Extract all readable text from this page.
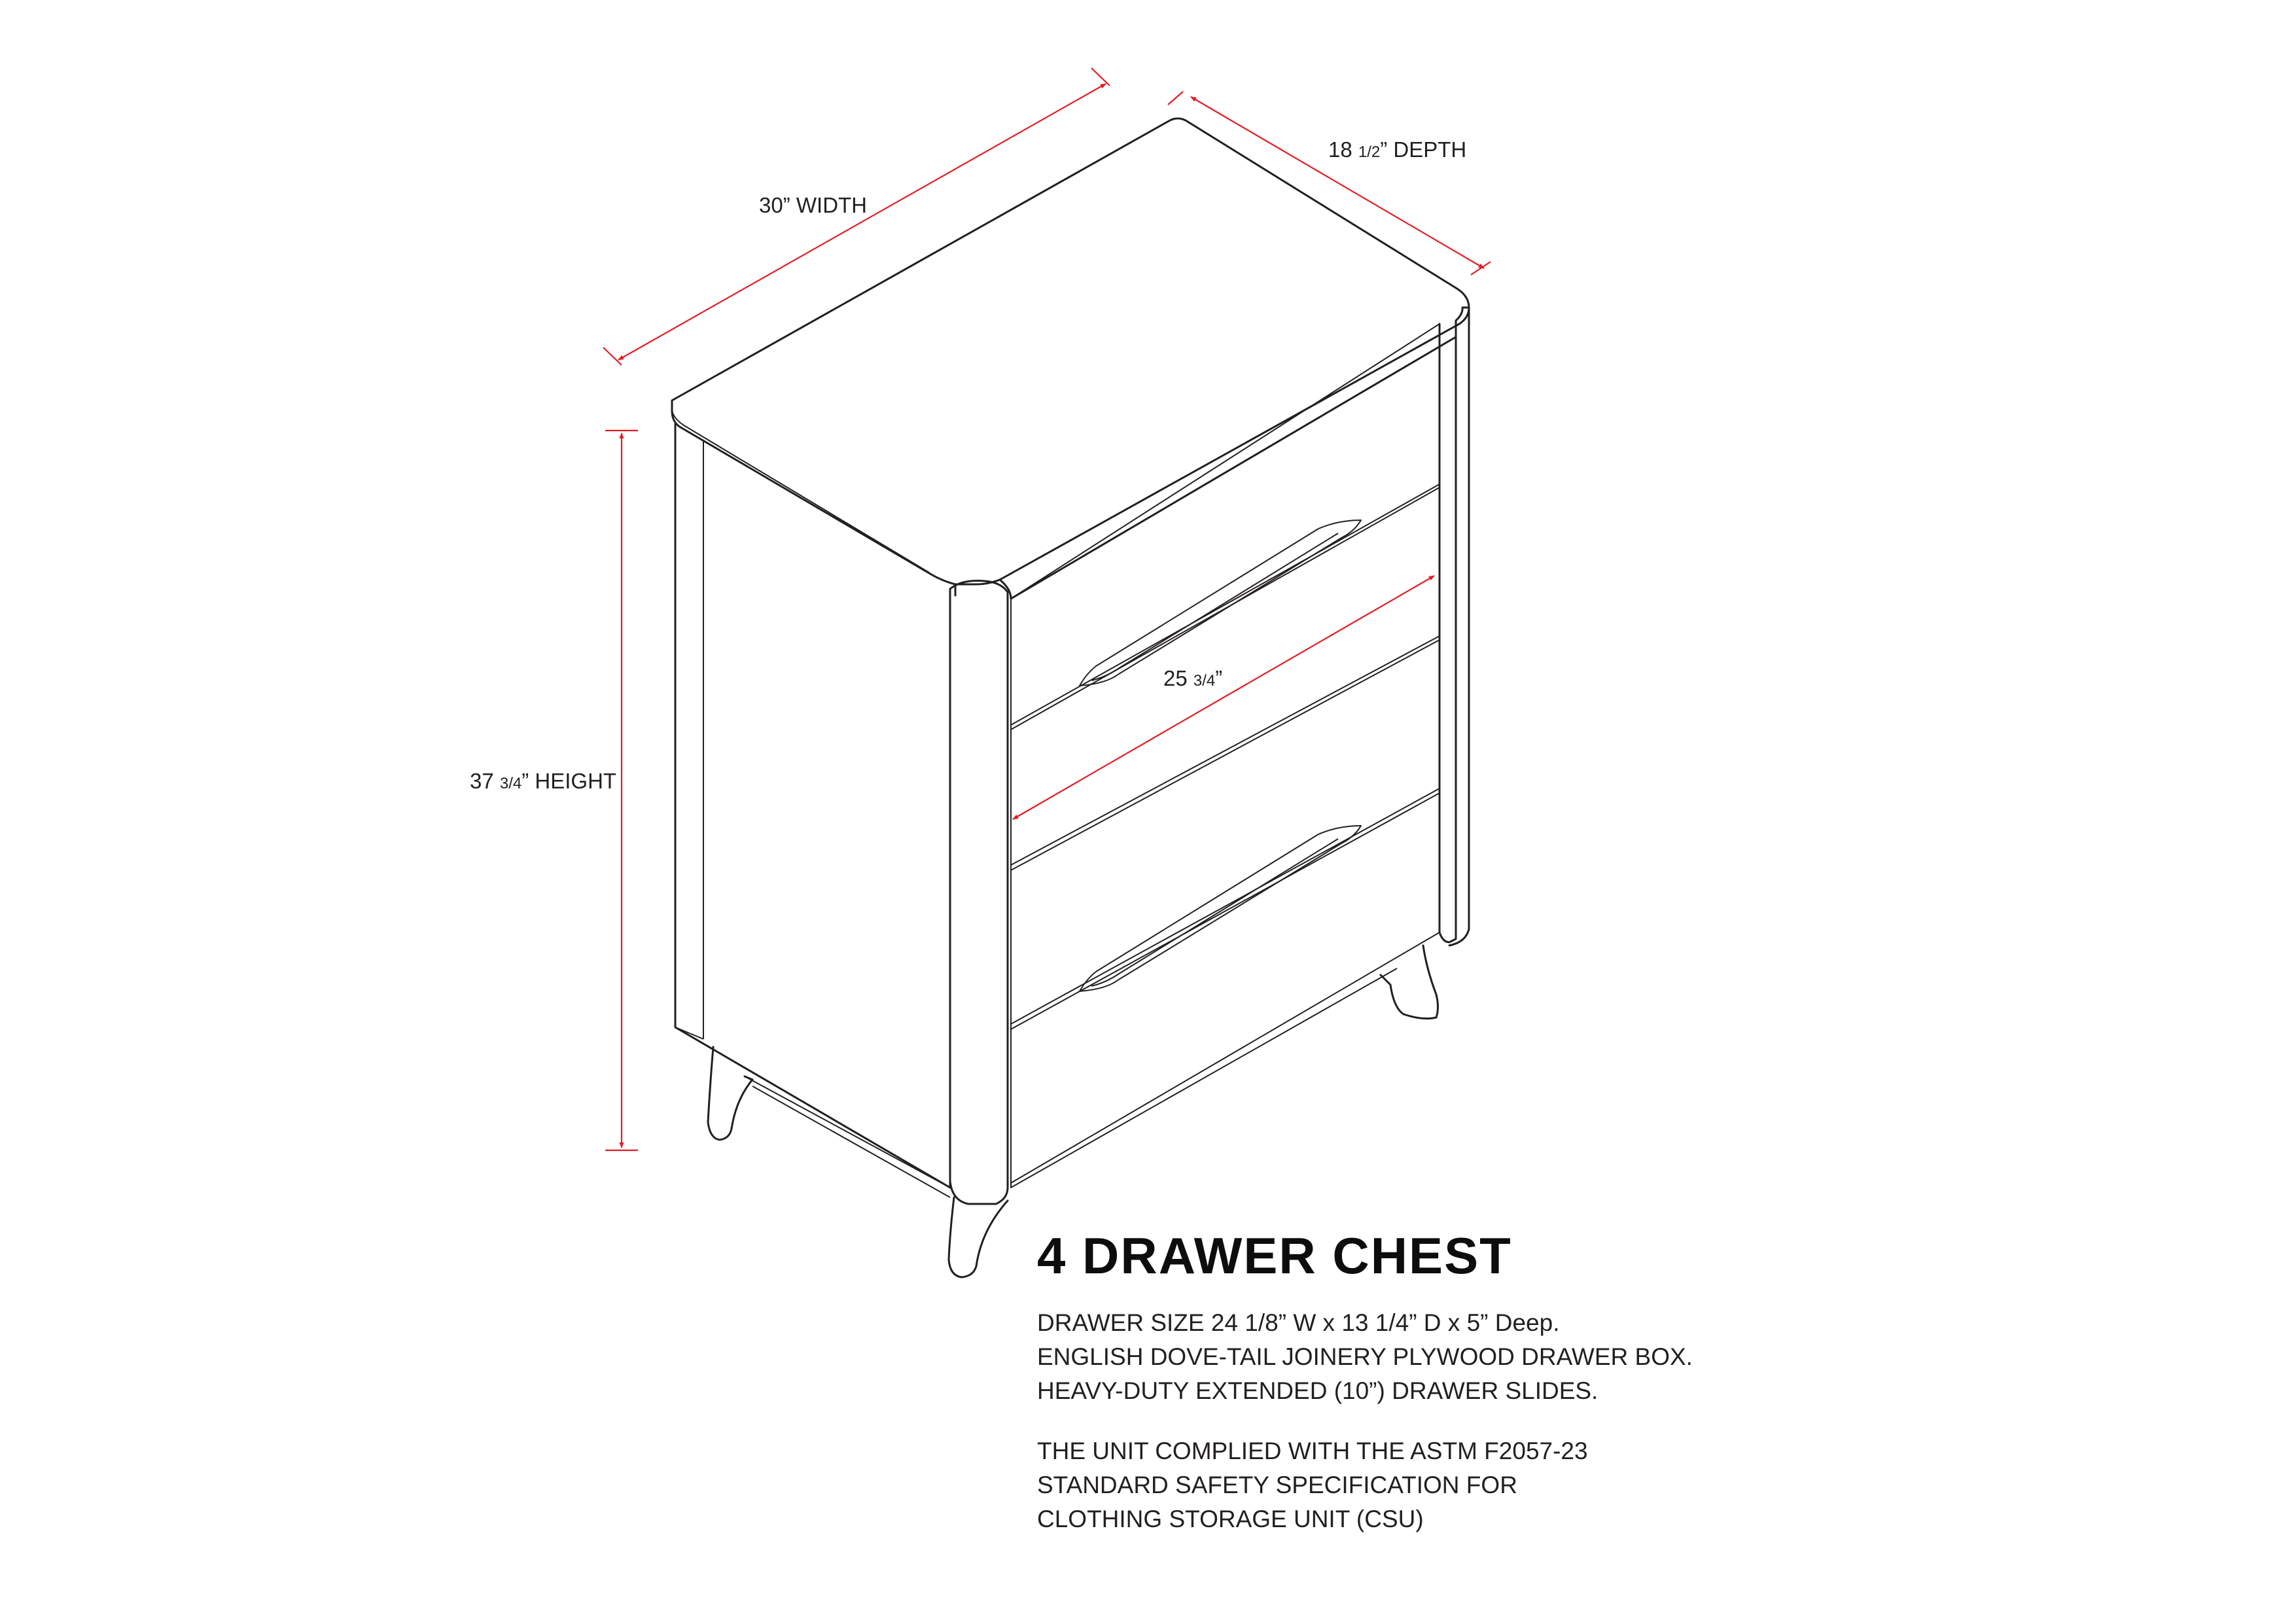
30” WIDTH
18 1/2” DEPTH
37 3/4” HEIGHT
25 3/4”
4 DRAWER CHEST

DRAWER SIZE 24 1/8” W x 13 1/4” D x 5” Deep.

ENGLISH DOVE-TAIL JOINERY PLYWOOD DRAWER BOX.

HEAVY-DUTY EXTENDED (10”) DRAWER SLIDES.

THE UNIT COMPLIED WITH THE ASTM F2057-23

STANDARD SAFETY SPECIFICATION FOR

CLOTHING STORAGE UNIT (CSU)
